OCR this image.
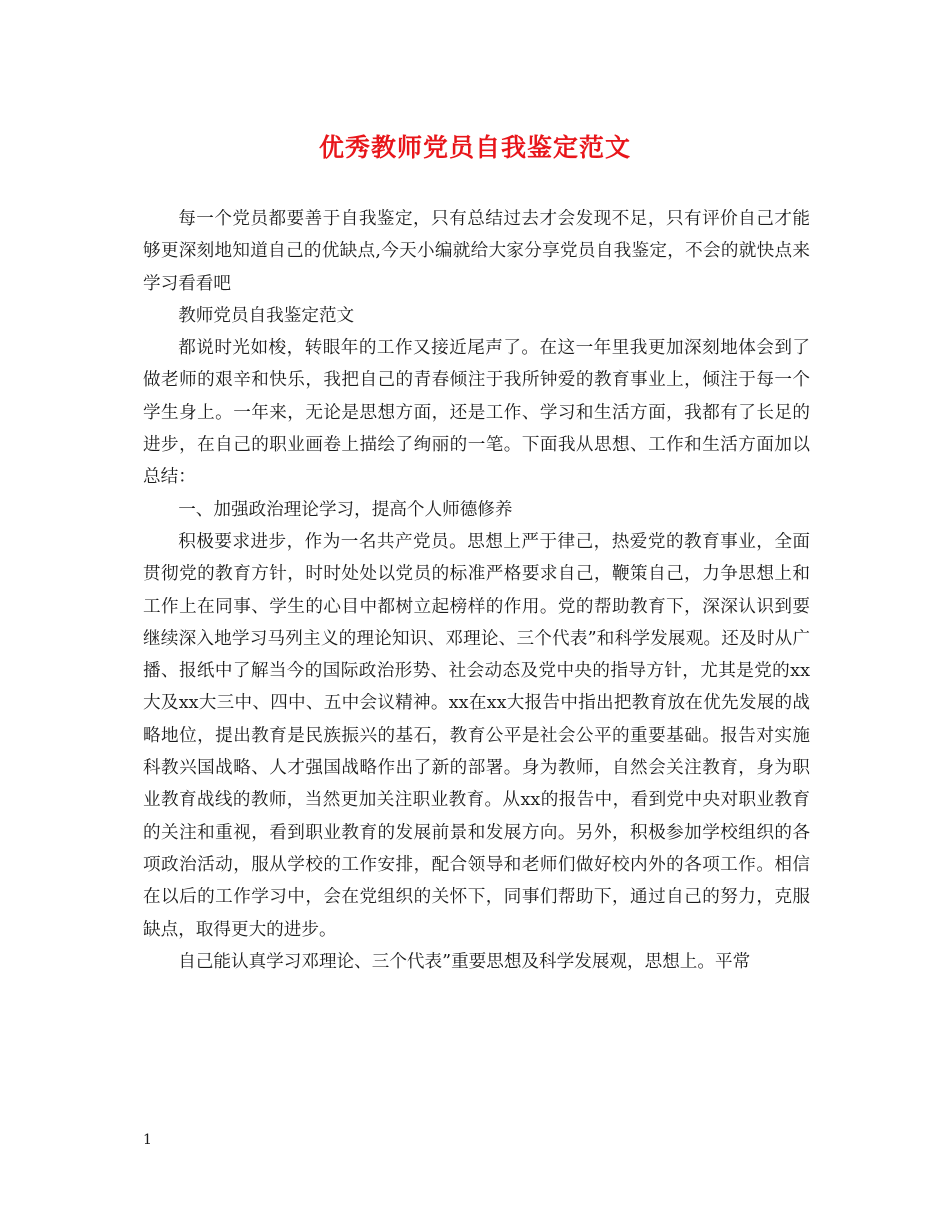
优秀教师党员自我鉴定范文

每一个党员都要善于自我鉴定，只有总结过去才会发现不足，只有评价自己才能够更深刻地知道自己的优缺点,今天小编就给大家分享党员自我鉴定，不会的就快点来学习看看吧

教师党员自我鉴定范文

都说时光如梭，转眼年的工作又接近尾声了。在这一年里我更加深刻地体会到了做老师的艰辛和快乐，我把自己的青春倾注于我所钟爱的教育事业上，倾注于每一个学生身上。一年来，无论是思想方面，还是工作、学习和生活方面，我都有了长足的进步，在自己的职业画卷上描绘了绚丽的一笔。下面我从思想、工作和生活方面加以总结：

一、加强政治理论学习，提高个人师德修养

积极要求进步，作为一名共产党员。思想上严于律己，热爱党的教育事业，全面贯彻党的教育方针，时时处处以党员的标准严格要求自己，鞭策自己，力争思想上和工作上在同事、学生的心目中都树立起榜样的作用。党的帮助教育下，深深认识到要继续深入地学习马列主义的理论知识、邓理论、三个代表”和科学发展观。还及时从广播、报纸中了解当今的国际政治形势、社会动态及党中央的指导方针，尤其是党的xx大及xx大三中、四中、五中会议精神。xx在xx大报告中指出把教育放在优先发展的战略地位，提出教育是民族振兴的基石，教育公平是社会公平的重要基础。报告对实施科教兴国战略、人才强国战略作出了新的部署。身为教师，自然会关注教育，身为职业教育战线的教师，当然更加关注职业教育。从xx的报告中，看到党中央对职业教育的关注和重视，看到职业教育的发展前景和发展方向。另外，积极参加学校组织的各项政治活动，服从学校的工作安排，配合领导和老师们做好校内外的各项工作。相信在以后的工作学习中，会在党组织的关怀下，同事们帮助下，通过自己的努力，克服缺点，取得更大的进步。

自己能认真学习邓理论、三个代表”重要思想及科学发展观，思想上。平常

1
